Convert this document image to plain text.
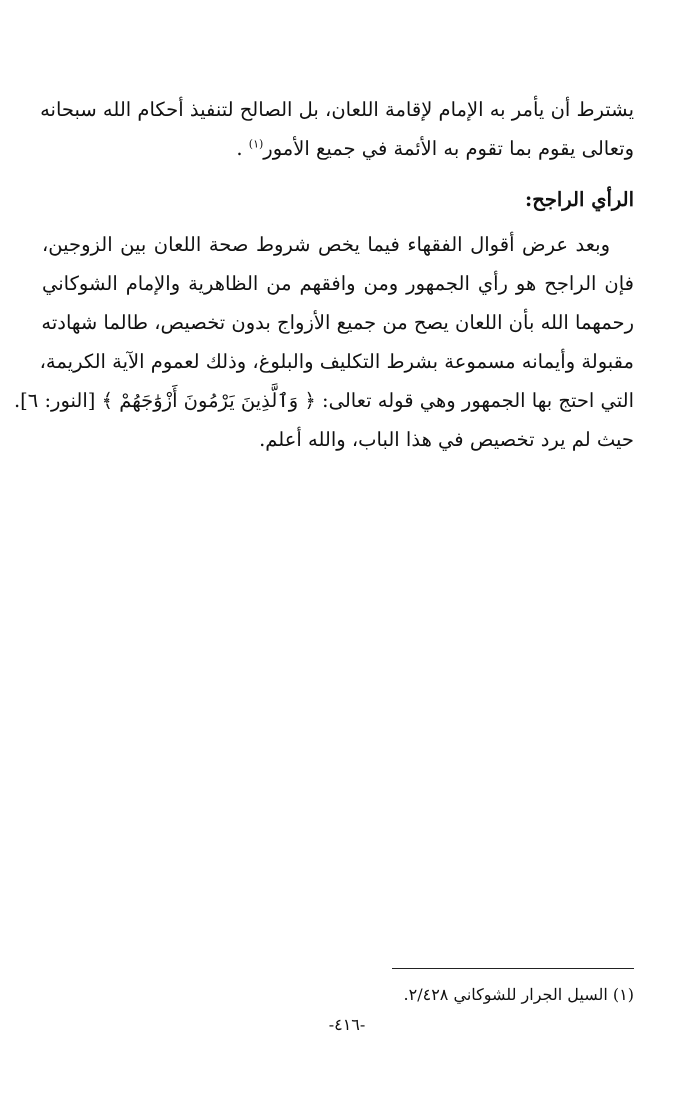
يشترط أن يأمر به الإمام لإقامة اللعان، بل الصالح لتنفيذ أحكام الله سبحانه
وتعالى يقوم بما تقوم به الأئمة في جميع الأمور$^{(١)}$ .
الرأي الراجح:
وبعد عرض أقوال الفقهاء فيما يخص شروط صحة اللعان بين الزوجين،
فإن الراجح هو رأي الجمهور ومن وافقهم من الظاهرية والإمام الشوكاني
رحمهما الله بأن اللعان يصح من جميع الأزواج بدون تخصيص، طالما شهادته
مقبولة وأيمانه مسموعة بشرط التكليف والبلوغ، وذلك لعموم الآية الكريمة،
التي احتج بها الجمهور وهي قوله تعالى: ﴿ وَٱلَّذِينَ يَرْمُونَ أَزْوَٰجَهُمْ ﴾ [النور: ٦].
حيث لم يرد تخصيص في هذا الباب، والله أعلم.
(١) السيل الجرار للشوكاني ٢/٤٢٨.
-٤١٦-
